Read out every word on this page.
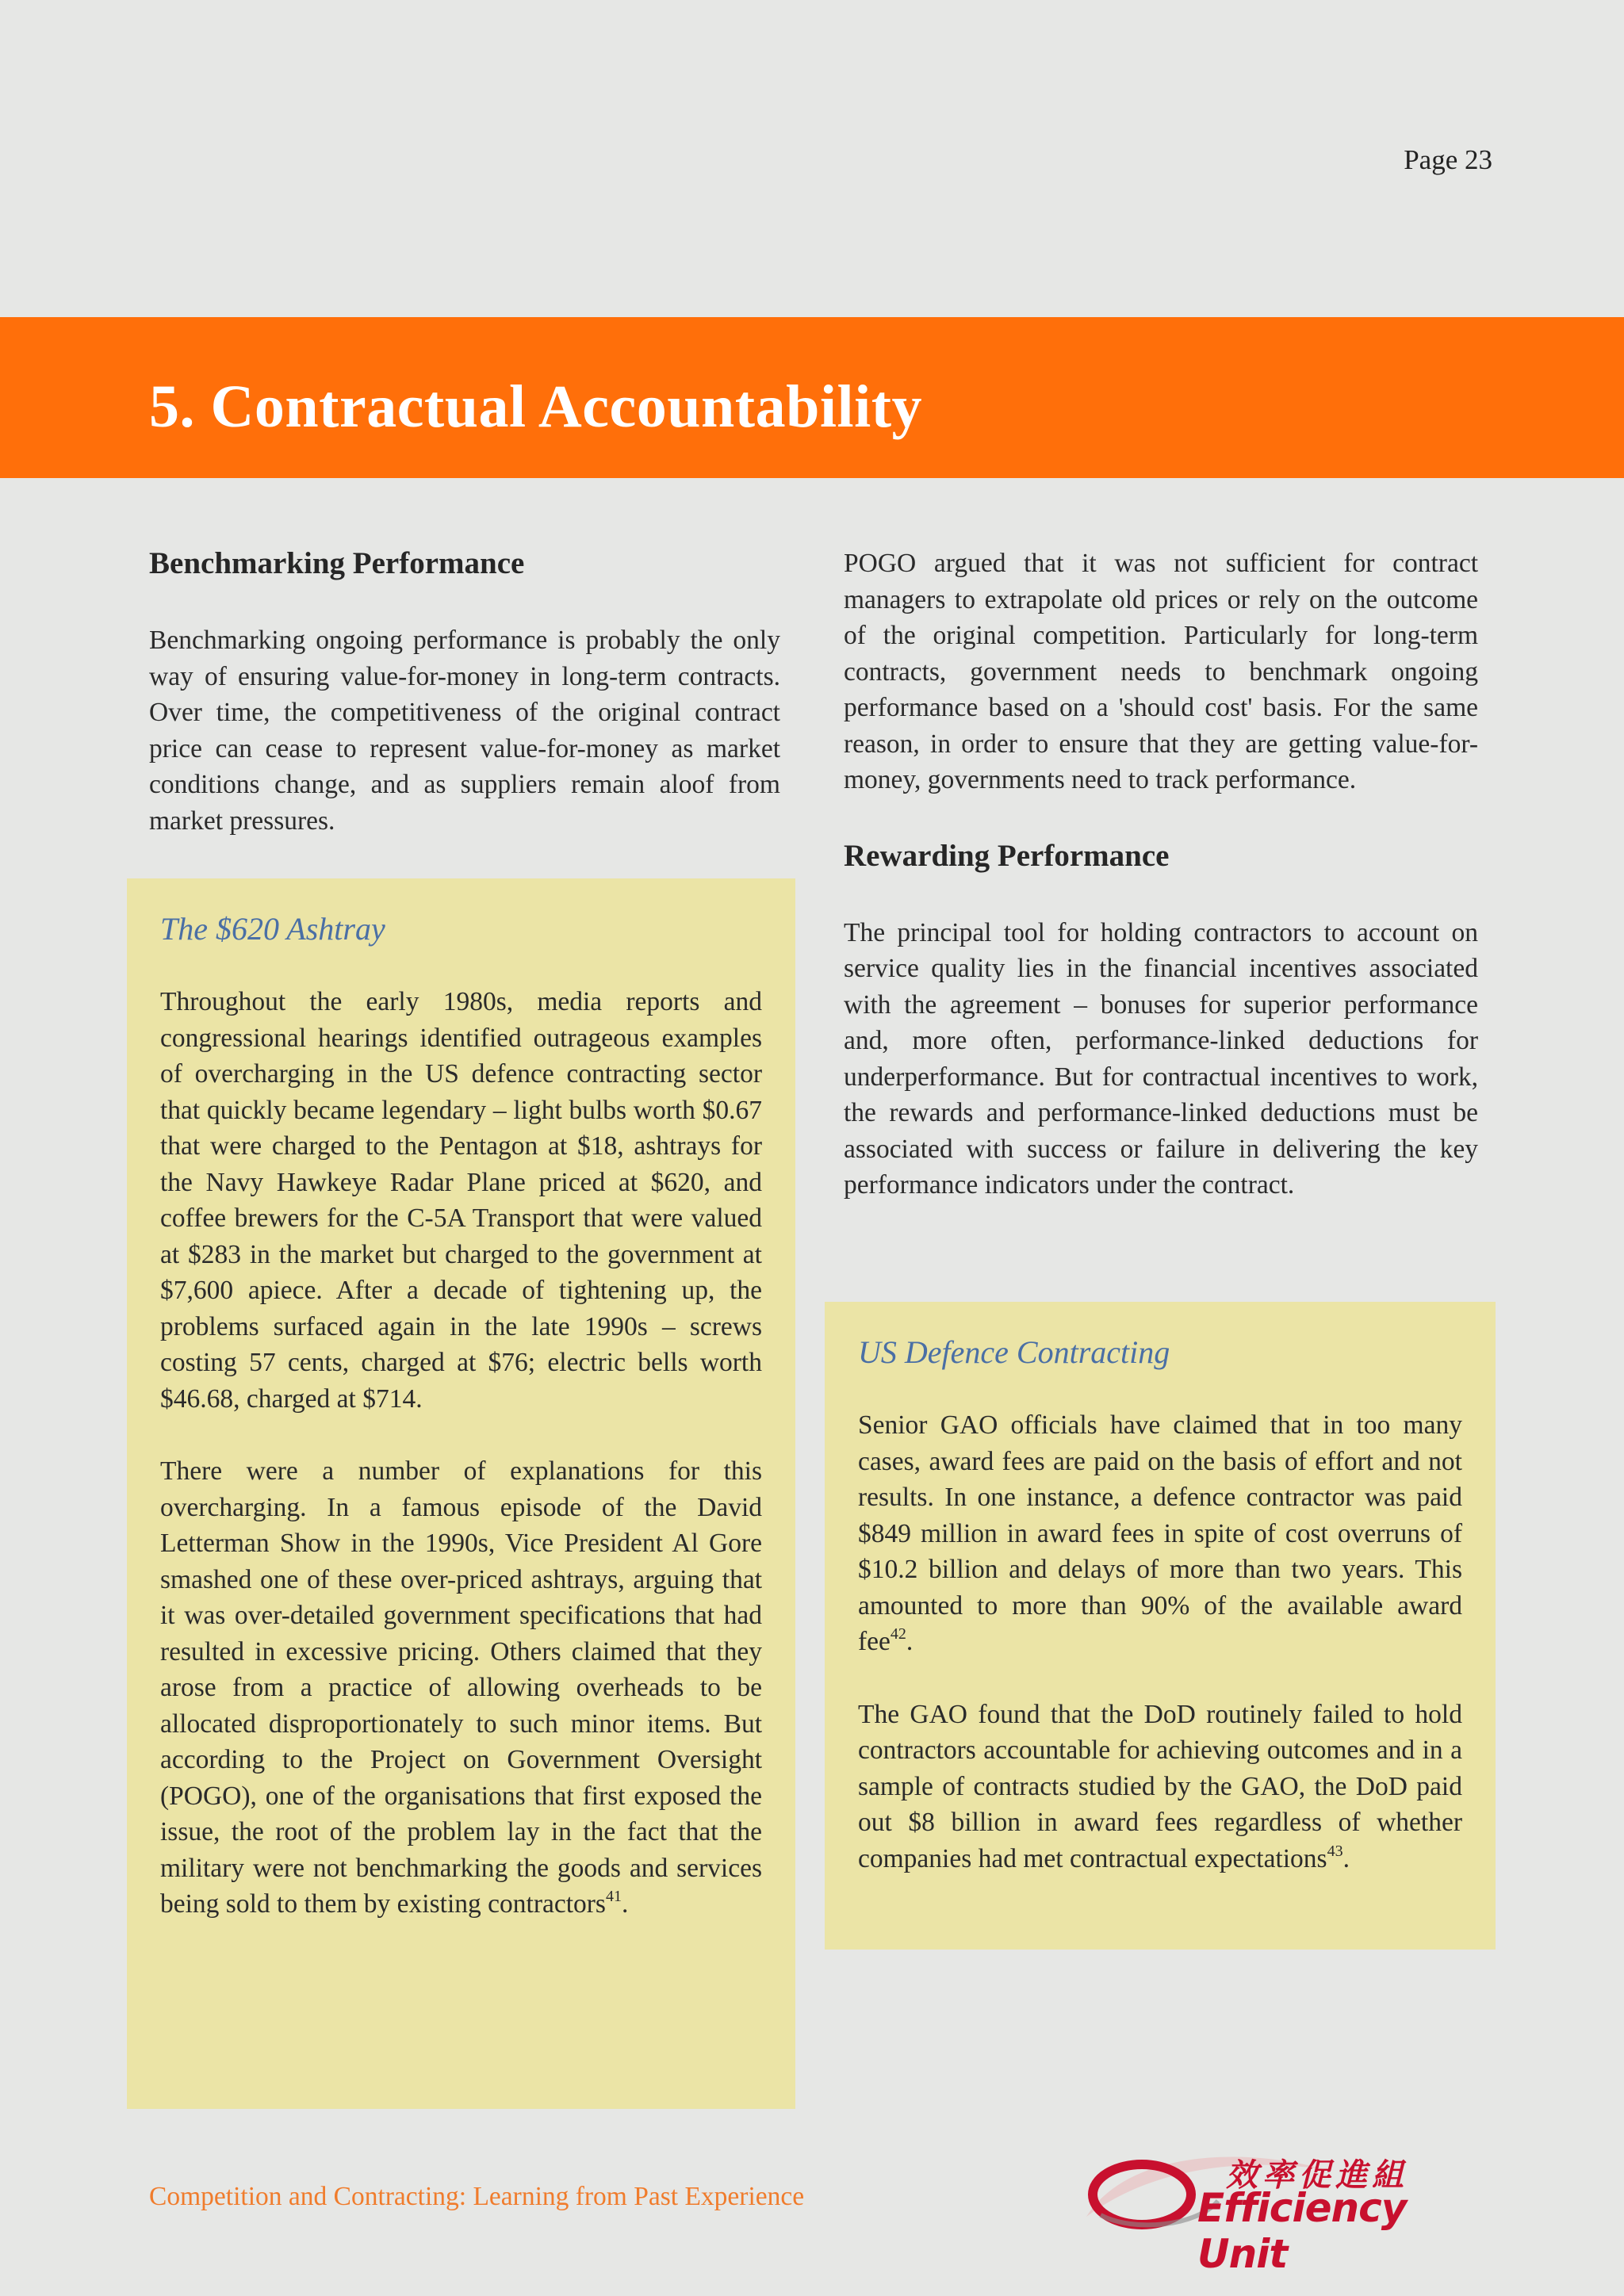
Page 23
5. Contractual Accountability
Benchmarking Performance

Benchmarking ongoing performance is probably the only way of ensuring value-for-money in long-term contracts. Over time, the competitiveness of the original contract price can cease to represent value-for-money as market conditions change, and as suppliers remain aloof from market pressures.

The $620 Ashtray

Throughout the early 1980s, media reports and congressional hearings identified outrageous examples of overcharging in the US defence contracting sector that quickly became legendary – light bulbs worth $0.67 that were charged to the Pentagon at $18, ashtrays for the Navy Hawkeye Radar Plane priced at $620, and coffee brewers for the C-5A Transport that were valued at $283 in the market but charged to the government at $7,600 apiece. After a decade of tightening up, the problems surfaced again in the late 1990s – screws costing 57 cents, charged at $76; electric bells worth $46.68, charged at $714.

There were a number of explanations for this overcharging. In a famous episode of the David Letterman Show in the 1990s, Vice President Al Gore smashed one of these over-priced ashtrays, arguing that it was over-detailed government specifications that had resulted in excessive pricing. Others claimed that they arose from a practice of allowing overheads to be allocated disproportionately to such minor items. But according to the Project on Government Oversight (POGO), one of the organisations that first exposed the issue, the root of the problem lay in the fact that the military were not benchmarking the goods and services being sold to them by existing contractors$^{41}$.

POGO argued that it was not sufficient for contract managers to extrapolate old prices or rely on the outcome of the original competition. Particularly for long-term contracts, government needs to benchmark ongoing performance based on a 'should cost' basis. For the same reason, in order to ensure that they are getting value-for-money, governments need to track performance.

Rewarding Performance

The principal tool for holding contractors to account on service quality lies in the financial incentives associated with the agreement – bonuses for superior performance and, more often, performance-linked deductions for underperformance. But for contractual incentives to work, the rewards and performance-linked deductions must be associated with success or failure in delivering the key performance indicators under the contract.

US Defence Contracting

Senior GAO officials have claimed that in too many cases, award fees are paid on the basis of effort and not results. In one instance, a defence contractor was paid $849 million in award fees in spite of cost overruns of $10.2 billion and delays of more than two years. This amounted to more than 90% of the available award fee$^{42}$.

The GAO found that the DoD routinely failed to hold contractors accountable for achieving outcomes and in a sample of contracts studied by the GAO, the DoD paid out $8 billion in award fees regardless of whether companies had met contractual expectations$^{43}$.

Competition and Contracting: Learning from Past Experience
效率促進組
Efficiency Unit
